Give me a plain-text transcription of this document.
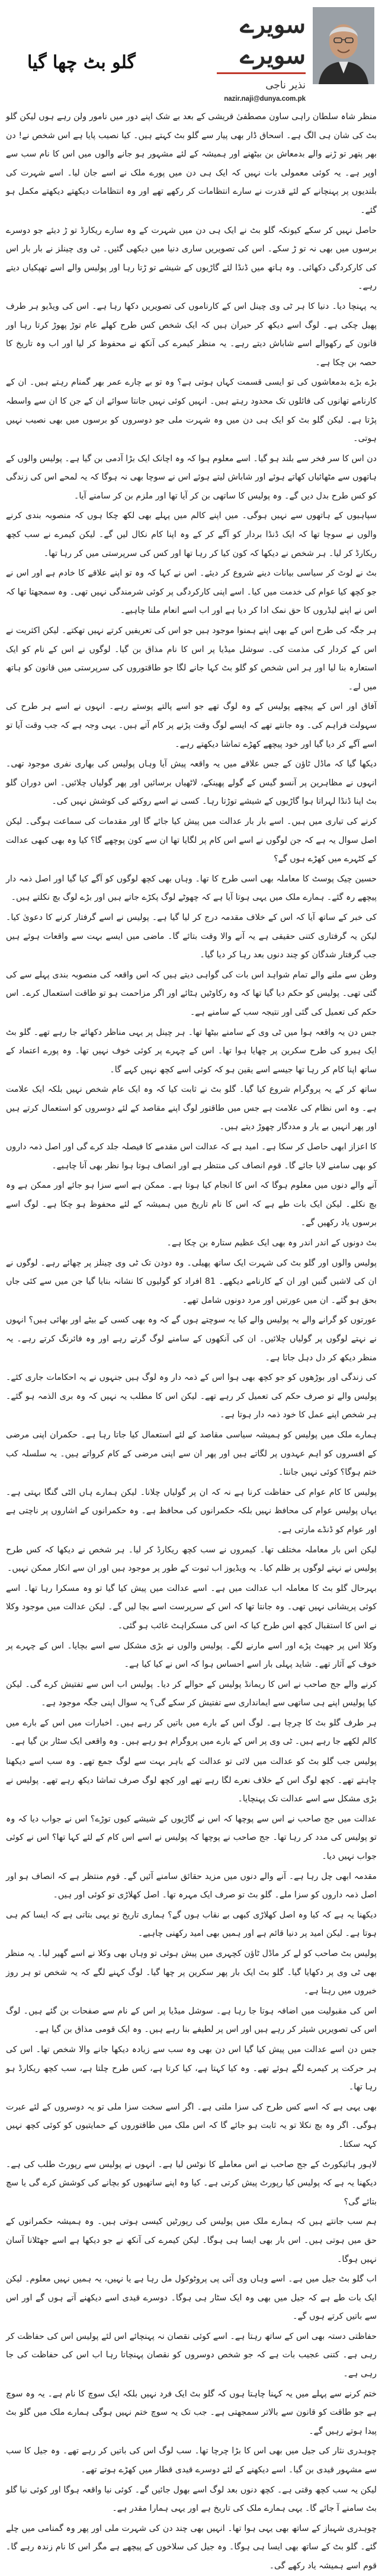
سویرے سویرے
نذیر ناجی
nazir.naji@dunya.com.pk
گلو بٹ چھا گیا

منظر شاہ سلطان راہی ساون مصطفیٰ قریشی کے بعد بے شک اپنے دور میں نامور ولن رہے ہوں لیکن گلو بٹ کی شان ہی الگ ہے۔ اسحاق ڈار بھی پیار سے گلو بٹ کہتے ہیں۔ کیا نصیب پایا ہے اس شخص نے! دن بھر پتھر تو ڑنے والے بدمعاش بن بیٹھنے اور ہمیشہ کے لئے مشہور ہو جانے والوں میں اس کا نام سب سے اوپر ہے۔ یہ کوئی معمولی بات نہیں کہ ایک ہی دن میں پورے ملک نے اسے جان لیا۔ اسے شہرت کی بلندیوں پر پہنچانے کے لئے قدرت نے سارے انتظامات کر رکھے تھے اور وہ انتظامات دیکھتے دیکھتے مکمل ہو گئے۔

حاصل نہیں کر سکے کیونکہ گلو بٹ نے ایک ہی دن میں شہرت کے وہ سارے ریکارڈ تو ڑ دیئے جو دوسرے برسوں میں بھی نہ تو ڑ سکے۔ اس کی تصویریں ساری دنیا میں دیکھی گئیں۔ ٹی وی چینلز نے بار بار اس کی کارکردگی دکھائی۔ وہ ہاتھ میں ڈنڈا لئے گاڑیوں کے شیشے تو ڑتا رہا اور پولیس والے اسے تھپکیاں دیتے رہے۔

یہ پہنچا دیا۔ دنیا کا ہر ٹی وی چینل اس کے کارناموں کی تصویریں دکھا رہا ہے۔ اس کی ویڈیو ہر طرف پھیل چکی ہے۔ لوگ اسے دیکھ کر حیران ہیں کہ ایک شخص کس طرح کھلے عام توڑ پھوڑ کرتا رہا اور قانون کے رکھوالے اسے شاباش دیتے رہے۔ یہ منظر کیمرے کی آنکھ نے محفوظ کر لیا اور اب وہ تاریخ کا حصہ بن چکا ہے۔

بڑے بڑے بدمعاشوں کی تو ایسی قسمت کہاں ہوتی ہے؟ وہ تو بے چارے عمر بھر گمنام رہتے ہیں۔ ان کے کارنامے تھانوں کی فائلوں تک محدود رہتے ہیں۔ انہیں کوئی نہیں جانتا سوائے ان کے جن کا ان سے واسطہ پڑتا ہے۔ لیکن گلو بٹ کو ایک ہی دن میں وہ شہرت ملی جو دوسروں کو برسوں میں بھی نصیب نہیں ہوتی۔

دن اس کا سر فخر سے بلند ہو گیا۔ اسے معلوم ہوا کہ وہ اچانک ایک بڑا آدمی بن گیا ہے۔ پولیس والوں کے ہاتھوں سے مٹھائیاں کھاتے ہوئے اور شاباش لیتے ہوئے اس نے سوچا بھی نہ ہوگا کہ یہ لمحے اس کی زندگی کو کس طرح بدل دیں گے۔ وہ پولیس کا ساتھی بن کر آیا تھا اور ملزم بن کر سامنے آیا۔

سپاہیوں کے ہاتھوں سے نہیں ہوگی۔ میں اپنے کالم میں پہلے بھی لکھ چکا ہوں کہ منصوبہ بندی کرنے والوں نے سوچا تھا کہ ایک ڈنڈا بردار کو آگے کر کے وہ اپنا کام نکال لیں گے۔ لیکن کیمرے نے سب کچھ ریکارڈ کر لیا۔ ہر شخص نے دیکھا کہ کون کیا کر رہا تھا اور کس کی سرپرستی میں کر رہا تھا۔

بٹ نے لوٹ کر سیاسی بیانات دینے شروع کر دیئے۔ اس نے کہا کہ وہ تو اپنے علاقے کا خادم ہے اور اس نے جو کچھ کیا عوام کی خدمت میں کیا۔ اسے اپنی کارکردگی پر کوئی شرمندگی نہیں تھی۔ وہ سمجھتا تھا کہ اس نے اپنے لیڈروں کا حق نمک ادا کر دیا ہے اور اب اسے انعام ملنا چاہیے۔

ہر جگہ کی طرح اس کے بھی اپنے ہمنوا موجود ہیں جو اس کی تعریفیں کرتے نہیں تھکتے۔ لیکن اکثریت نے اس کے کردار کی مذمت کی۔ سوشل میڈیا پر اس کا نام مذاق بن گیا۔ لوگوں نے اس کے نام کو ایک استعارہ بنا لیا اور ہر اس شخص کو گلو بٹ کہا جانے لگا جو طاقتوروں کی سرپرستی میں قانون کو ہاتھ میں لے۔

آفاق اور اس کے پیچھے پولیس کے وہ لوگ تھے جو اسے پالتے پوستے رہے۔ انہوں نے اسے ہر طرح کی سہولت فراہم کی۔ وہ جانتے تھے کہ ایسے لوگ وقت پڑنے پر کام آتے ہیں۔ یہی وجہ ہے کہ جب وقت آیا تو اسے آگے کر دیا گیا اور خود پیچھے کھڑے تماشا دیکھتے رہے۔

دیکھا گیا کہ ماڈل ٹاؤن کے جس علاقے میں یہ واقعہ پیش آیا وہاں پولیس کی بھاری نفری موجود تھی۔ انہوں نے مظاہرین پر آنسو گیس کے گولے پھینکے، لاٹھیاں برسائیں اور پھر گولیاں چلائیں۔ اس دوران گلو بٹ اپنا ڈنڈا لہراتا ہوا گاڑیوں کے شیشے توڑتا رہا۔ کسی نے اسے روکنے کی کوشش نہیں کی۔

کرنے کی تیاری میں ہیں۔ اسے بار بار عدالت میں پیش کیا جائے گا اور مقدمات کی سماعت ہوگی۔ لیکن اصل سوال یہ ہے کہ جن لوگوں نے اسے اس کام پر لگایا تھا ان سے کون پوچھے گا؟ کیا وہ بھی کبھی عدالت کے کٹہرے میں کھڑے ہوں گے؟

حسین چیک پوسٹ کا معاملہ بھی اسی طرح کا تھا۔ وہاں بھی کچھ لوگوں کو آگے کیا گیا اور اصل ذمہ دار پیچھے رہ گئے۔ ہمارے ملک میں یہی ہوتا آیا ہے کہ چھوٹے لوگ پکڑے جاتے ہیں اور بڑے لوگ بچ نکلتے ہیں۔

کی خبر کے ساتھ آیا کہ اس کے خلاف مقدمہ درج کر لیا گیا ہے۔ پولیس نے اسے گرفتار کرنے کا دعویٰ کیا۔ لیکن یہ گرفتاری کتنی حقیقی ہے یہ آنے والا وقت بتائے گا۔ ماضی میں ایسے بہت سے واقعات ہوئے ہیں جب گرفتار شدگان کو چند دنوں بعد رہا کر دیا گیا۔

وطن سے ملنے والے تمام شواہد اس بات کی گواہی دیتے ہیں کہ اس واقعہ کی منصوبہ بندی پہلے سے کی گئی تھی۔ پولیس کو حکم دیا گیا تھا کہ وہ رکاوٹیں ہٹائے اور اگر مزاحمت ہو تو طاقت استعمال کرے۔ اس حکم کی تعمیل کی گئی اور نتیجہ سب کے سامنے ہے۔

جس دن یہ واقعہ ہوا میں ٹی وی کے سامنے بیٹھا تھا۔ ہر چینل پر یہی مناظر دکھائے جا رہے تھے۔ گلو بٹ ایک ہیرو کی طرح سکرین پر چھایا ہوا تھا۔ اس کے چہرے پر کوئی خوف نہیں تھا۔ وہ پورے اعتماد کے ساتھ اپنا کام کر رہا تھا جیسے اسے یقین ہو کہ کوئی اسے کچھ نہیں کہے گا۔

ساتھ کر کے یہ پروگرام شروع کیا گیا۔ گلو بٹ نے ثابت کیا کہ وہ ایک عام شخص نہیں بلکہ ایک علامت ہے۔ وہ اس نظام کی علامت ہے جس میں طاقتور لوگ اپنے مقاصد کے لئے دوسروں کو استعمال کرتے ہیں اور پھر انہیں بے یار و مددگار چھوڑ دیتے ہیں۔

کا اعزاز ابھی حاصل کر سکا ہے۔ امید ہے کہ عدالت اس مقدمے کا فیصلہ جلد کرے گی اور اصل ذمہ داروں کو بھی سامنے لایا جائے گا۔ قوم انصاف کی منتظر ہے اور انصاف ہوتا ہوا نظر بھی آنا چاہیے۔

آنے والے دنوں میں معلوم ہوگا کہ اس کا انجام کیا ہوتا ہے۔ ممکن ہے اسے سزا ہو جائے اور ممکن ہے وہ بچ نکلے۔ لیکن ایک بات طے ہے کہ اس کا نام تاریخ میں ہمیشہ کے لئے محفوظ ہو چکا ہے۔ لوگ اسے برسوں یاد رکھیں گے۔

بٹ دونوں کے اندر اندر وہ بھی ایک عظیم ستارہ بن چکا ہے۔

پولیس والوں اور گلو بٹ کی شہرت ایک ساتھ پھیلی۔ وہ دودن تک ٹی وی چینلز پر چھائے رہے۔ لوگوں نے ان کی لاشیں گنیں اور ان کے کارنامے دیکھے۔ 81 افراد کو گولیوں کا نشانہ بنایا گیا جن میں سے کئی جاں بحق ہو گئے۔ ان میں عورتیں اور مرد دونوں شامل تھے۔

عورتوں کو گرانے والے یہ پولیس والے کیا یہ سوچتے ہوں گے کہ وہ بھی کسی کے بیٹے اور بھائی ہیں؟ انہوں نے نہتے لوگوں پر گولیاں چلائیں۔ ان کی آنکھوں کے سامنے لوگ گرتے رہے اور وہ فائرنگ کرتے رہے۔ یہ منظر دیکھ کر دل دہل جاتا ہے۔

کی زندگی اور بوڑھوں کو جو کچھ بھی ہوا اس کے ذمہ دار وہ لوگ ہیں جنہوں نے یہ احکامات جاری کئے۔ پولیس والے تو صرف حکم کی تعمیل کر رہے تھے۔ لیکن اس کا مطلب یہ نہیں کہ وہ بری الذمہ ہو گئے۔ ہر شخص اپنے عمل کا خود ذمہ دار ہوتا ہے۔

ہمارے ملک میں پولیس کو ہمیشہ سیاسی مقاصد کے لئے استعمال کیا جاتا رہا ہے۔ حکمران اپنی مرضی کے افسروں کو اہم عہدوں پر لگاتے ہیں اور پھر ان سے اپنی مرضی کے کام کرواتے ہیں۔ یہ سلسلہ کب ختم ہوگا؟ کوئی نہیں جانتا۔

پولیس کا کام عوام کی حفاظت کرنا ہے نہ کہ ان پر گولیاں چلانا۔ لیکن ہمارے ہاں الٹی گنگا بہتی ہے۔ یہاں پولیس عوام کی محافظ نہیں بلکہ حکمرانوں کی محافظ ہے۔ وہ حکمرانوں کے اشاروں پر ناچتی ہے اور عوام کو ڈنڈے مارتی ہے۔

لیکن اس بار معاملہ مختلف تھا۔ کیمروں نے سب کچھ ریکارڈ کر لیا۔ ہر شخص نے دیکھا کہ کس طرح پولیس نے نہتے لوگوں پر ظلم کیا۔ یہ ویڈیوز اب ثبوت کے طور پر موجود ہیں اور ان سے انکار ممکن نہیں۔

بہرحال گلو بٹ کا معاملہ اب عدالت میں ہے۔ اسے عدالت میں پیش کیا گیا تو وہ مسکرا رہا تھا۔ اسے کوئی پریشانی نہیں تھی۔ وہ جانتا تھا کہ اس کے سرپرست اسے بچا لیں گے۔ لیکن عدالت میں موجود وکلا نے اس کا استقبال کچھ اس طرح کیا کہ اس کی مسکراہٹ غائب ہو گئی۔

وکلا اس پر جھپٹ پڑے اور اسے مارنے لگے۔ پولیس والوں نے بڑی مشکل سے اسے بچایا۔ اس کے چہرے پر خوف کے آثار تھے۔ شاید پہلی بار اسے احساس ہوا کہ اس نے کیا کیا ہے۔

کرنے والے جج صاحب نے اس کا ریمانڈ پولیس کے حوالے کر دیا۔ پولیس اب اس سے تفتیش کرے گی۔ لیکن کیا پولیس اپنے ہی ساتھی سے ایمانداری سے تفتیش کر سکے گی؟ یہ سوال اپنی جگہ موجود ہے۔

ہر طرف گلو بٹ کا چرچا ہے۔ لوگ اس کے بارے میں باتیں کر رہے ہیں۔ اخبارات میں اس کے بارے میں کالم لکھے جا رہے ہیں۔ ٹی وی پر اس کے بارے میں پروگرام ہو رہے ہیں۔ وہ واقعی ایک سٹار بن گیا ہے۔

پولیس جب گلو بٹ کو عدالت میں لائی تو عدالت کے باہر بہت سے لوگ جمع تھے۔ وہ سب اسے دیکھنا چاہتے تھے۔ کچھ لوگ اس کے خلاف نعرے لگا رہے تھے اور کچھ لوگ صرف تماشا دیکھ رہے تھے۔ پولیس نے بڑی مشکل سے اسے عدالت تک پہنچایا۔

عدالت میں جج صاحب نے اس سے پوچھا کہ اس نے گاڑیوں کے شیشے کیوں توڑے؟ اس نے جواب دیا کہ وہ تو پولیس کی مدد کر رہا تھا۔ جج صاحب نے پوچھا کہ پولیس نے اسے اس کام کے لئے کہا تھا؟ اس نے کوئی جواب نہیں دیا۔

مقدمہ ابھی چل رہا ہے۔ آنے والے دنوں میں مزید حقائق سامنے آئیں گے۔ قوم منتظر ہے کہ انصاف ہو اور اصل ذمہ داروں کو سزا ملے۔ گلو بٹ تو صرف ایک مہرہ تھا۔ اصل کھلاڑی تو کوئی اور ہیں۔

دیکھنا یہ ہے کہ کیا وہ اصل کھلاڑی کبھی بے نقاب ہوں گے؟ ہماری تاریخ تو یہی بتاتی ہے کہ ایسا کم ہی ہوتا ہے۔ لیکن امید پر دنیا قائم ہے اور ہمیں بھی امید رکھنی چاہیے۔

پولیس بٹ صاحب کو لے کر ماڈل ٹاؤن کچہری میں پیش ہوئی تو وہاں بھی وکلا نے اسے گھیر لیا۔ یہ منظر بھی ٹی وی پر دکھایا گیا۔ گلو بٹ ایک بار پھر سکرین پر چھا گیا۔ لوگ کہنے لگے کہ یہ شخص تو ہر روز خبروں میں رہتا ہے۔

اس کی مقبولیت میں اضافہ ہوتا جا رہا ہے۔ سوشل میڈیا پر اس کے نام سے صفحات بن گئے ہیں۔ لوگ اس کی تصویریں شیئر کر رہے ہیں اور اس پر لطیفے بنا رہے ہیں۔ وہ ایک قومی مذاق بن گیا ہے۔

جس دن اسے عدالت میں پیش کیا گیا اس دن بھی وہ سب سے زیادہ دیکھا جانے والا شخص تھا۔ اس کی ہر حرکت پر کیمرے لگے ہوئے تھے۔ وہ کیا کہتا ہے، کیا کرتا ہے، کس طرح چلتا ہے، سب کچھ ریکارڈ ہو رہا تھا۔

بھی یہی ہے کہ اسے کس طرح کی سزا ملتی ہے۔ اگر اسے سخت سزا ملی تو یہ دوسروں کے لئے عبرت ہوگی۔ اگر وہ بچ نکلا تو یہ ثابت ہو جائے گا کہ اس ملک میں طاقتوروں کے حمایتیوں کو کوئی کچھ نہیں کہہ سکتا۔

لاہور ہائیکورٹ کے جج صاحب نے اس معاملے کا نوٹس لیا ہے۔ انہوں نے پولیس سے رپورٹ طلب کی ہے۔ دیکھنا یہ ہے کہ پولیس کیا رپورٹ پیش کرتی ہے۔ کیا وہ اپنے ساتھیوں کو بچانے کی کوشش کرے گی یا سچ بتائے گی؟

ہم سب جانتے ہیں کہ ہمارے ملک میں پولیس کی رپورٹیں کیسی ہوتی ہیں۔ وہ ہمیشہ حکمرانوں کے حق میں ہوتی ہیں۔ اس بار بھی ایسا ہی ہوگا۔ لیکن کیمرے کی آنکھ نے جو دیکھا ہے اسے جھٹلانا آسان نہیں ہوگا۔

اب گلو بٹ جیل میں ہے۔ اسے وہاں وی آئی پی پروٹوکول مل رہا ہے یا نہیں، یہ ہمیں نہیں معلوم۔ لیکن ایک بات طے ہے کہ جیل میں بھی وہ ایک سٹار ہی ہوگا۔ دوسرے قیدی اسے دیکھنے آتے ہوں گے اور اس سے باتیں کرتے ہوں گے۔

حفاظتی دستہ بھی اس کے ساتھ رہتا ہے۔ اسے کوئی نقصان نہ پہنچائے اس لئے پولیس اس کی حفاظت کر رہی ہے۔ کتنی عجیب بات ہے کہ جو شخص دوسروں کو نقصان پہنچاتا رہا اب اس کی حفاظت کی جا رہی ہے۔

ختم کرنے سے پہلے میں یہ کہنا چاہتا ہوں کہ گلو بٹ ایک فرد نہیں بلکہ ایک سوچ کا نام ہے۔ یہ وہ سوچ ہے جو طاقت کو قانون سے بالاتر سمجھتی ہے۔ جب تک یہ سوچ ختم نہیں ہوگی ہمارے ملک میں گلو بٹ پیدا ہوتے رہیں گے۔

چوہدری نثار کی جیل میں بھی اس کا بڑا چرچا تھا۔ سب لوگ اس کی باتیں کر رہے تھے۔ وہ جیل کا سب سے مشہور قیدی بن گیا۔ اسے دیکھنے کے لئے دوسرے قیدی قطار میں کھڑے ہوتے تھے۔

لیکن یہ سب کچھ وقتی ہے۔ کچھ دنوں بعد لوگ اسے بھول جائیں گے۔ کوئی نیا واقعہ ہوگا اور کوئی نیا گلو بٹ سامنے آ جائے گا۔ یہی ہمارے ملک کی تاریخ ہے اور یہی ہمارا مقدر ہے۔

چوہدری شہباز کے ساتھ بھی یہی ہوا تھا۔ انہیں بھی چند دن کی شہرت ملی اور پھر وہ گمنامی میں چلے گئے۔ گلو بٹ کے ساتھ بھی ایسا ہی ہوگا۔ وہ جیل کی سلاخوں کے پیچھے ہے مگر اس کا نام زندہ رہے گا۔ قوم اسے ہمیشہ یاد رکھے گی۔
